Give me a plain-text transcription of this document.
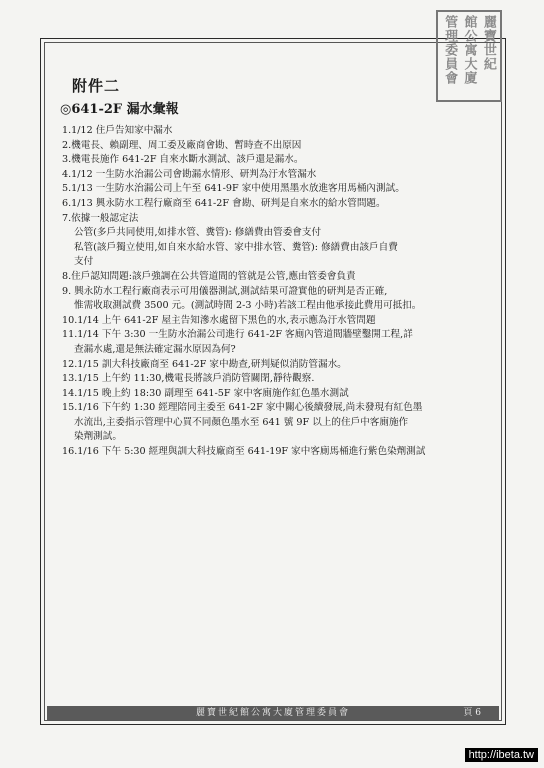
麗寶世紀
館公寓大廈
管理委員會
附件二
◎641-2F 漏水彙報

1.1/12 住戶告知家中漏水

2.機電長、賴副理、周工委及廠商會勘、暫時查不出原因

3.機電長施作 641-2F 自來水斷水測試、該戶還是漏水。

4.1/12 一生防水治漏公司會勘漏水情形、研判為汙水管漏水

5.1/13 一生防水治漏公司上午至 641-9F 家中使用黑墨水放進客用馬桶內測試。

6.1/13 興永防水工程行廠商至 641-2F 會勘、研判是自來水的給水管問題。

7.依據一般認定法

公管(多戶共同使用,如排水管、糞管): 修繕費由管委會支付

私管(該戶獨立使用,如自來水給水管、家中排水管、糞管): 修繕費由該戶自費

支付

8.住戶認知問題:該戶強調在公共管道間的管就是公管,應由管委會負責

9. 興永防水工程行廠商表示可用儀器測試,測試結果可證實他的研判是否正確,

惟需收取測試費 3500 元。(測試時間 2-3 小時)若該工程由他承接此費用可抵扣。

10.1/14 上午 641-2F 屋主告知滲水處留下黑色的水,表示應為汙水管問題

11.1/14 下午 3:30 一生防水治漏公司進行 641-2F 客廁內管道間牆壁鑿開工程,詳

查漏水處,還是無法確定漏水原因為何?

12.1/15 訓大科技廠商至 641-2F 家中勘查,研判疑似消防管漏水。

13.1/15 上午約 11:30,機電長將該戶消防管關閉,靜待觀察.

14.1/15 晚上約 18:30 副理至 641-5F 家中客廁施作紅色墨水測試

15.1/16 下午約 1:30 經理陪同主委至 641-2F 家中關心後續發展,尚未發現有紅色墨

水流出,主委指示管理中心買不同顏色墨水至 641 號 9F 以上的住戶中客廁施作

染劑測試。

16.1/16 下午 5:30 經理與訓大科技廠商至 641-19F 家中客廁馬桶進行紫色染劑測試

麗寶世紀館公寓大廈管理委員會	頁 6
http://ibeta.tw
